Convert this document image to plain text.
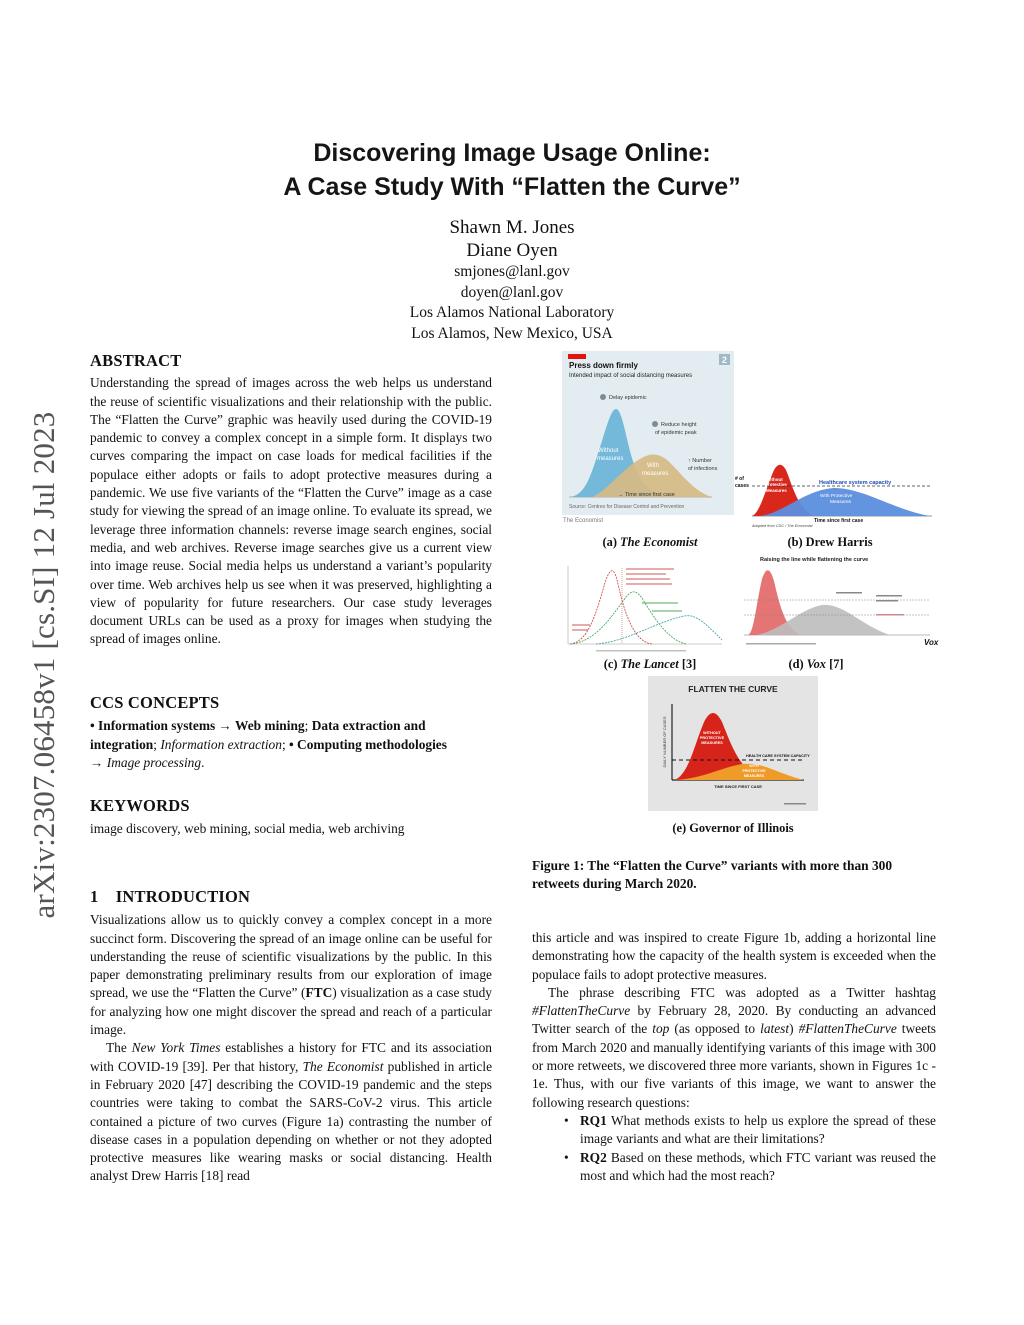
arXiv:2307.06458v1 [cs.SI] 12 Jul 2023
Discovering Image Usage Online:
A Case Study With “Flatten the Curve”
Shawn M. Jones
Diane Oyen
smjones@lanl.gov
doyen@lanl.gov
Los Alamos National Laboratory
Los Alamos, New Mexico, USA
ABSTRACT

Understanding the spread of images across the web helps us understand the reuse of scientific visualizations and their relationship with the public. The “Flatten the Curve” graphic was heavily used during the COVID-19 pandemic to convey a complex concept in a simple form. It displays two curves comparing the impact on case loads for medical facilities if the populace either adopts or fails to adopt protective measures during a pandemic. We use five variants of the “Flatten the Curve” image as a case study for viewing the spread of an image online. To evaluate its spread, we leverage three information channels: reverse image search engines, social media, and web archives. Reverse image searches give us a current view into image reuse. Social media helps us understand a variant’s popularity over time. Web archives help us see when it was preserved, highlighting a view of popularity for future researchers. Our case study leverages document URLs can be used as a proxy for images when studying the spread of images online.

CCS CONCEPTS

• Information systems → Web mining; Data extraction and integration; Information extraction; • Computing methodologies
→ Image processing.

KEYWORDS

image discovery, web mining, social media, web archiving

1    INTRODUCTION

Visualizations allow us to quickly convey a complex concept in a more succinct form. Discovering the spread of an image online can be useful for understanding the reuse of scientific visualizations by the public. In this paper demonstrating preliminary results from our exploration of image spread, we use the “Flatten the Curve” (FTC) visualization as a case study for analyzing how one might discover the spread and reach of a particular image.

The New York Times establishes a history for FTC and its association with COVID-19 [39]. Per that history, The Economist published in article in February 2020 [47] describing the COVID-19 pandemic and the steps countries were taking to combat the SARS-CoV-2 virus. This article contained a picture of two curves (Figure 1a) contrasting the number of disease cases in a population depending on whether or not they adopted protective measures like wearing masks or social distancing. Health analyst Drew Harris [18] read

2
Press down firmly
Intended impact of social distancing measures
Delay epidemic
Reduce height
of epidemic peak
Without
measures
With
measures
↑ Number
of infections
→ Time since first case
Source: Centres for Disease Control and Prevention
The Economist
# of
cases
Without
Protective
Measures
Healthcare system capacity
With Protective
Measures
Time since first case
Adapted from CDC / The Economist
Raising the line while flattening the curve
Vox
FLATTEN THE CURVE
DAILY NUMBER OF CASES	WITHOUT
PROTECTIVE
MEASURES
HEALTH CARE SYSTEM CAPACITY
WITH
PROTECTIVE
MEASURES
TIME SINCE FIRST CASE
(a) The Economist	(b) Drew Harris
(c) The Lancet [3]	(d) Vox [7]
(e) Governor of Illinois
Figure 1: The “Flatten the Curve” variants with more than 300 retweets during March 2020.

this article and was inspired to create Figure 1b, adding a horizontal line demonstrating how the capacity of the health system is exceeded when the populace fails to adopt protective measures.

The phrase describing FTC was adopted as a Twitter hashtag #FlattenTheCurve by February 28, 2020. By conducting an advanced Twitter search of the top (as opposed to latest) #FlattenTheCurve tweets from March 2020 and manually identifying variants of this image with 300 or more retweets, we discovered three more variants, shown in Figures 1c - 1e. Thus, with our five variants of this image, we want to answer the following research questions:

• RQ1 What methods exists to help us explore the spread of these image variants and what are their limitations?
• RQ2 Based on these methods, which FTC variant was reused the most and which had the most reach?
